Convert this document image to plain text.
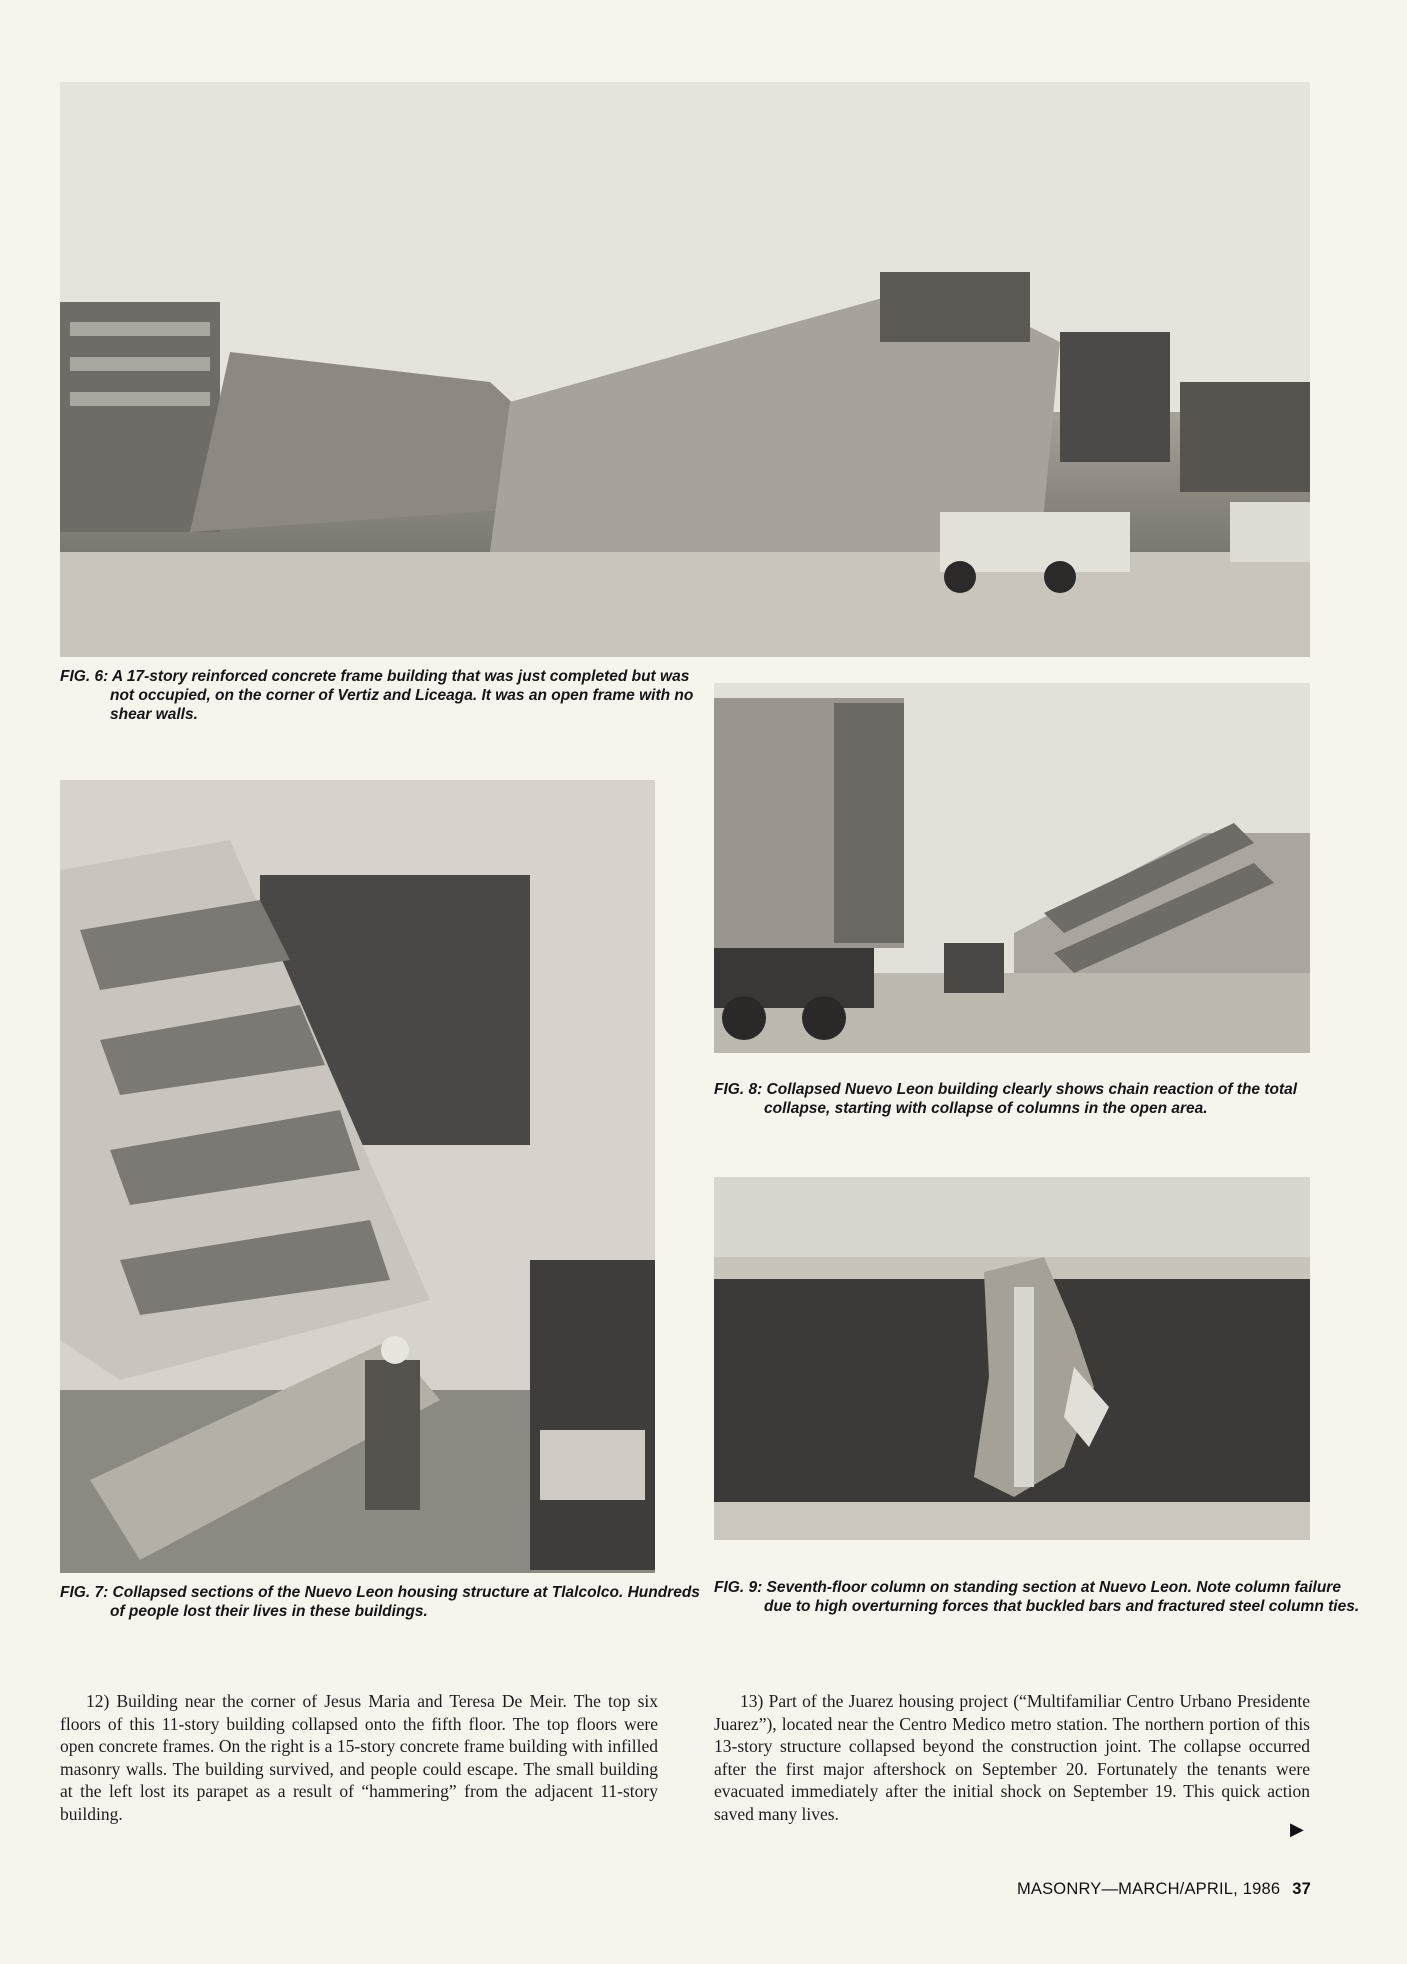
FIG. 6: A 17-story reinforced concrete frame building that was just completed but was not occupied, on the corner of Vertiz and Liceaga. It was an open frame with no shear walls.
FIG. 7: Collapsed sections of the Nuevo Leon housing structure at Tlalcolco. Hundreds of people lost their lives in these buildings.
FIG. 8: Collapsed Nuevo Leon building clearly shows chain reaction of the total collapse, starting with collapse of columns in the open area.
FIG. 9: Seventh-floor column on standing section at Nuevo Leon. Note column failure due to high overturning forces that buckled bars and fractured steel column ties.
12) Building near the corner of Jesus Maria and Teresa De Meir. The top six floors of this 11-story building collapsed onto the fifth floor. The top floors were open concrete frames. On the right is a 15-story concrete frame building with infilled masonry walls. The building survived, and people could escape. The small building at the left lost its parapet as a result of “hammering” from the adjacent 11-story building.
13) Part of the Juarez housing project (“Multifamiliar Centro Urbano Presidente Juarez”), located near the Centro Medico metro station. The northern portion of this 13-story structure collapsed beyond the construction joint. The collapse occurred after the first major aftershock on September 20. Fortunately the tenants were evacuated immediately after the initial shock on September 19. This quick action saved many lives.
▶
MASONRY—MARCH/APRIL, 1986 37
